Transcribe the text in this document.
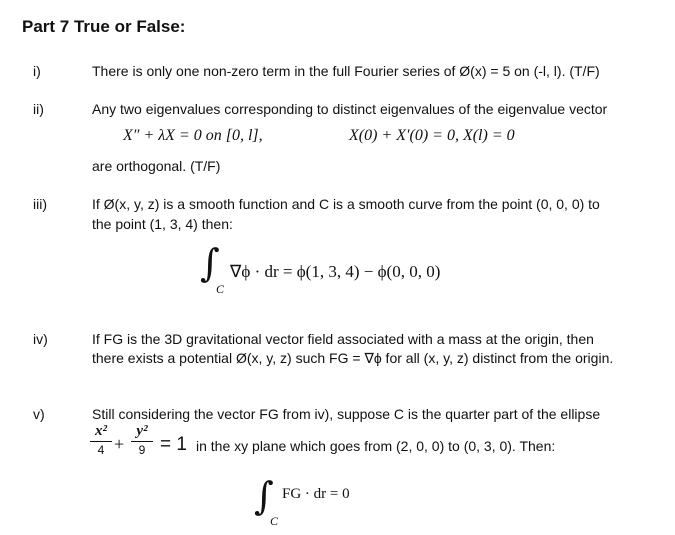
Part 7 True or False:
i)	There is only one non-zero term in the full Fourier series of Ø(x) = 5 on (-l, l). (T/F)
ii)	Any two eigenvalues corresponding to distinct eigenvalues of the eigenvalue vector
X″ + λX = 0 on [0, l],	X(0) + X′(0) = 0, X(l) = 0
are orthogonal. (T/F)
iii)	If Ø(x, y, z) is a smooth function and C is a smooth curve from the point (0, 0, 0) to
the point (1, 3, 4) then:
∫
C
∇ϕ · dr = ϕ(1, 3, 4) − ϕ(0, 0, 0)
iv)	If FG is the 3D gravitational vector field associated with a mass at the origin, then
there exists a potential Ø(x, y, z) such FG = ∇ϕ for all (x, y, z) distinct from the origin.
v)	Still considering the vector FG from iv), suppose C is the quarter part of the ellipse
x²
4 +
y²
9 = 1 in the xy plane which goes from (2, 0, 0) to (0, 3, 0). Then:
∫
C
FG · dr = 0
